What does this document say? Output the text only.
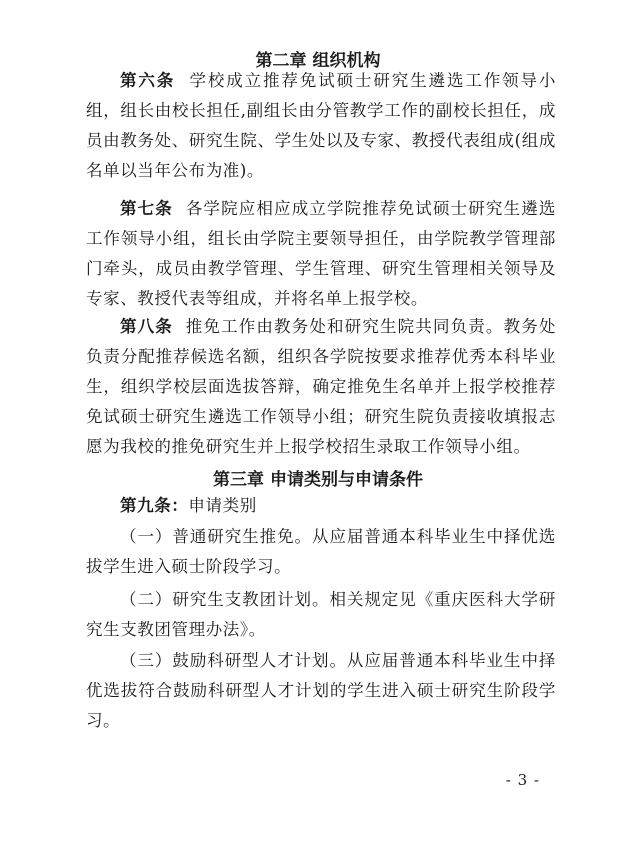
第二章 组织机构
第六条 学校成立推荐免试硕士研究生遴选工作领导小组，组长由校长担任,副组长由分管教学工作的副校长担任，成员由教务处、研究生院、学生处以及专家、教授代表组成(组成名单以当年公布为准)。
第七条 各学院应相应成立学院推荐免试硕士研究生遴选工作领导小组，组长由学院主要领导担任，由学院教学管理部门牵头，成员由教学管理、学生管理、研究生管理相关领导及专家、教授代表等组成，并将名单上报学校。
第八条 推免工作由教务处和研究生院共同负责。教务处负责分配推荐候选名额，组织各学院按要求推荐优秀本科毕业生，组织学校层面选拔答辩，确定推免生名单并上报学校推荐免试硕士研究生遴选工作领导小组；研究生院负责接收填报志愿为我校的推免研究生并上报学校招生录取工作领导小组。
第三章 申请类别与申请条件
第九条：申请类别
（一）普通研究生推免。从应届普通本科毕业生中择优选拔学生进入硕士阶段学习。
（二）研究生支教团计划。相关规定见《重庆医科大学研究生支教团管理办法》。
（三）鼓励科研型人才计划。从应届普通本科毕业生中择优选拔符合鼓励科研型人才计划的学生进入硕士研究生阶段学习。
- 3 -
